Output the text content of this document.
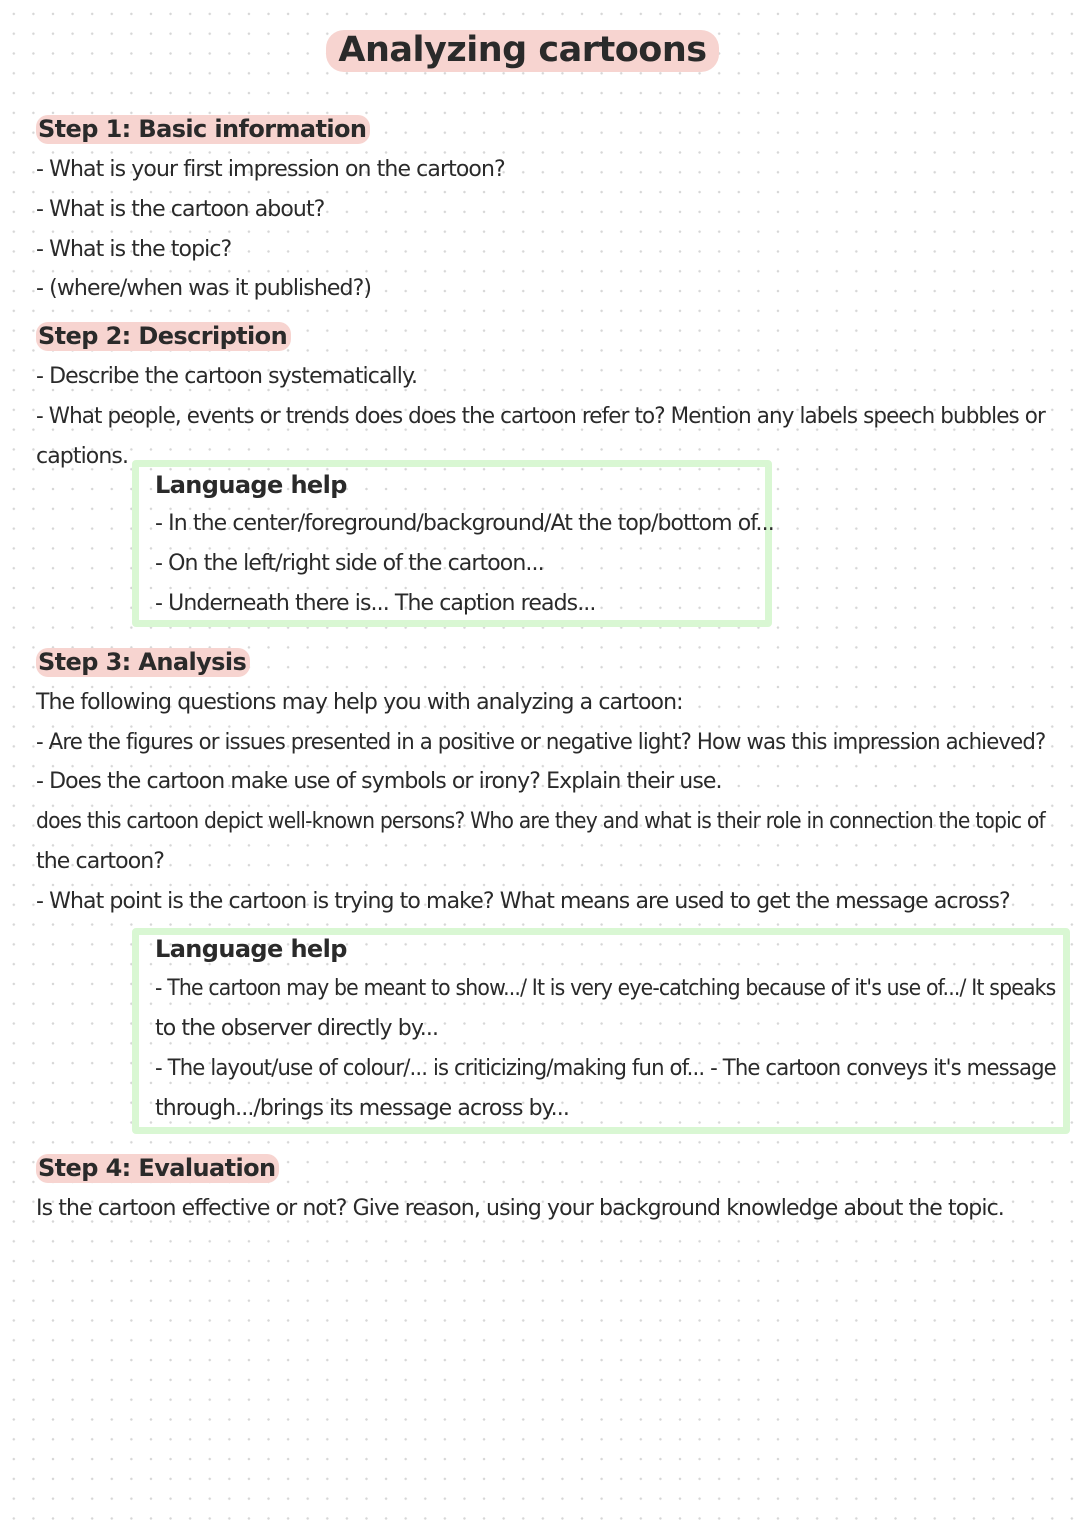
Analyzing cartoons
Step 1: Basic information
- What is your first impression on the cartoon?
- What is the cartoon about?
- What is the topic?
- (where/when was it published?)
Step 2: Description
- Describe the cartoon systematically.
- What people, events or trends does does the cartoon refer to? Mention any labels speech bubbles or
captions.
Language help
- In the center/foreground/background/At the top/bottom of...
- On the left/right side of the cartoon...
- Underneath there is... The caption reads...
Step 3: Analysis
The following questions may help you with analyzing a cartoon:
- Are the figures or issues presented in a positive or negative light? How was this impression achieved?
- Does the cartoon make use of symbols or irony? Explain their use.
does this cartoon depict well-known persons? Who are they and what is their role in connection the topic of
the cartoon?
- What point is the cartoon is trying to make? What means are used to get the message across?
Language help
- The cartoon may be meant to show.../ It is very eye-catching because of it's use of.../ It speaks
to the observer directly by...
- The layout/use of colour/... is criticizing/making fun of... - The cartoon conveys it's message
through.../brings its message across by...
Step 4: Evaluation
Is the cartoon effective or not? Give reason, using your background knowledge about the topic.
